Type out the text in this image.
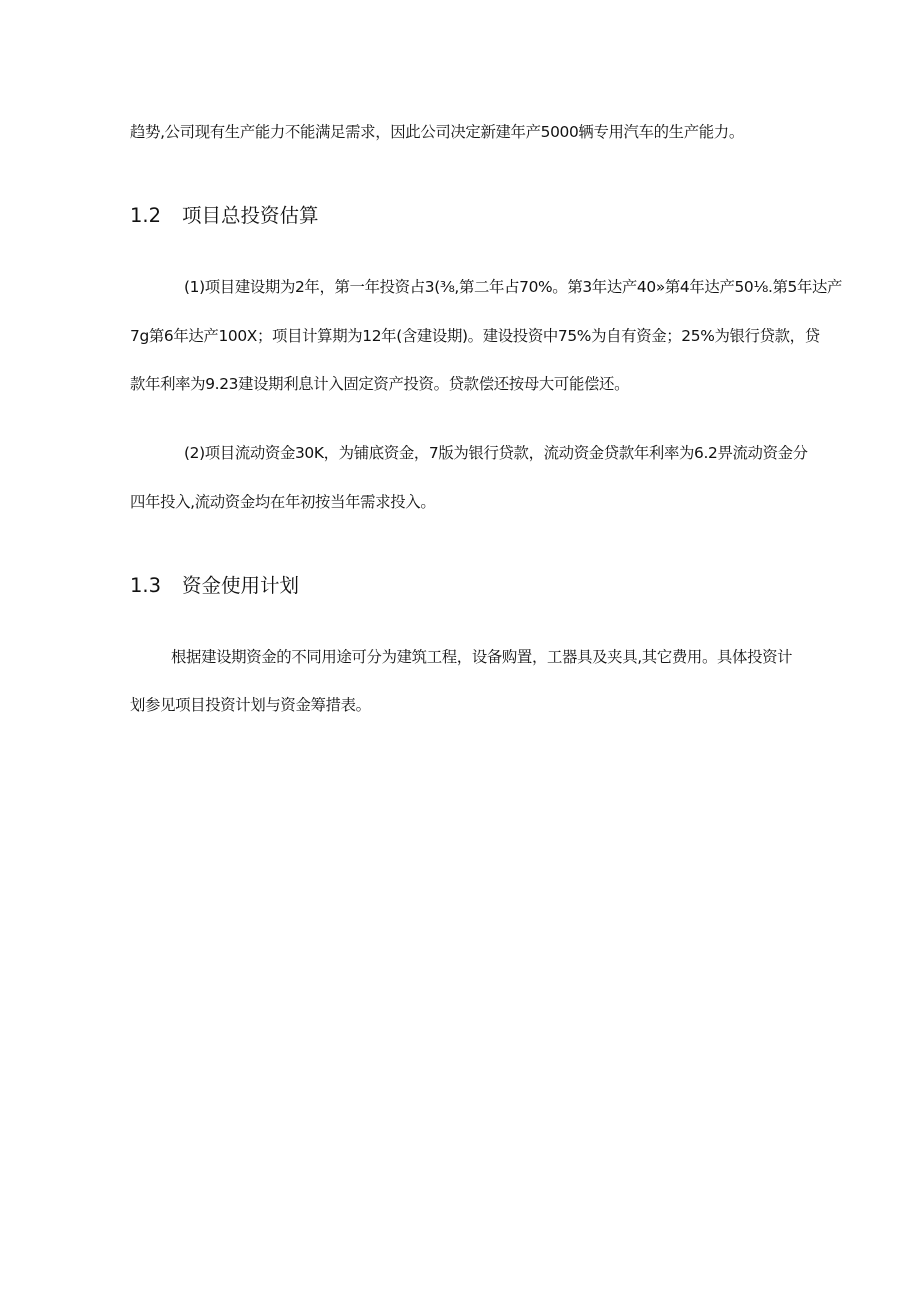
趋势,公司现有生产能力不能满足需求，因此公司决定新建年产5000辆专用汽车的生产能力。
1.2 项目总投资估算
(1)项目建设期为2年，第一年投资占3(⅜,第二年占70%。第3年达产40»第4年达产50⅛.第5年达产
7g第6年达产100X；项目计算期为12年(含建设期)。建设投资中75%为自有资金；25%为银行贷款，贷
款年利率为9.23建设期利息计入固定资产投资。贷款偿还按母大可能偿还。
(2)项目流动资金30K，为铺底资金，7版为银行贷款，流动资金贷款年利率为6.2畀流动资金分
四年投入,流动资金均在年初按当年需求投入。
1.3 资金使用计划
根据建设期资金的不同用途可分为建筑工程，设备购置，工器具及夹具,其它费用。具体投资计
划参见项目投资计划与资金筹措表。
